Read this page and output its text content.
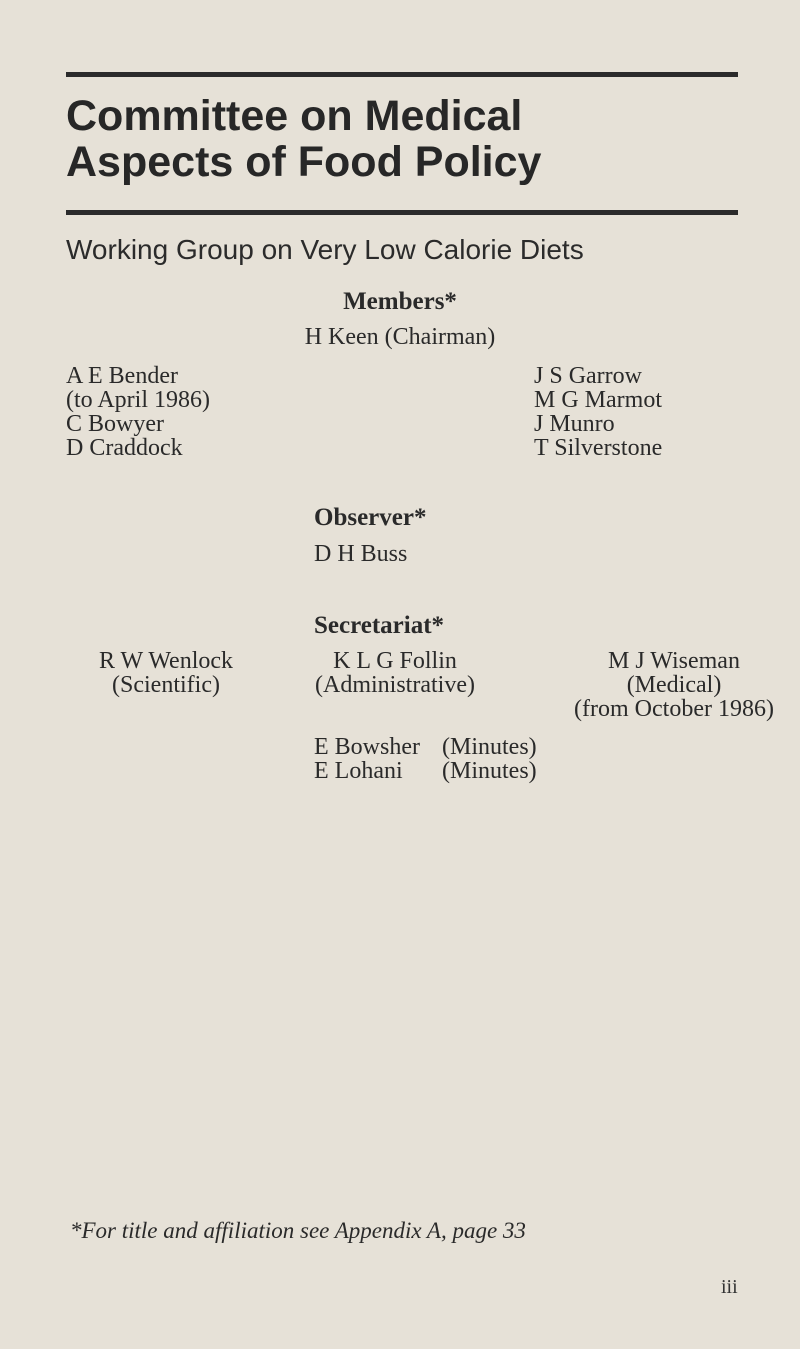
Committee on Medical
Aspects of Food Policy
Working Group on Very Low Calorie Diets
Members*
H Keen (Chairman)
A E Bender
(to April 1986)
C Bowyer
D Craddock
J S Garrow
M G Marmot
J Munro
T Silverstone
Observer*
D H Buss
Secretariat*
R W Wenlock
(Scientific)
K L G Follin
(Administrative)
M J Wiseman
(Medical)
(from October 1986)
E Bowsher (Minutes)
E Lohani (Minutes)
*For title and affiliation see Appendix A, page 33
iii
